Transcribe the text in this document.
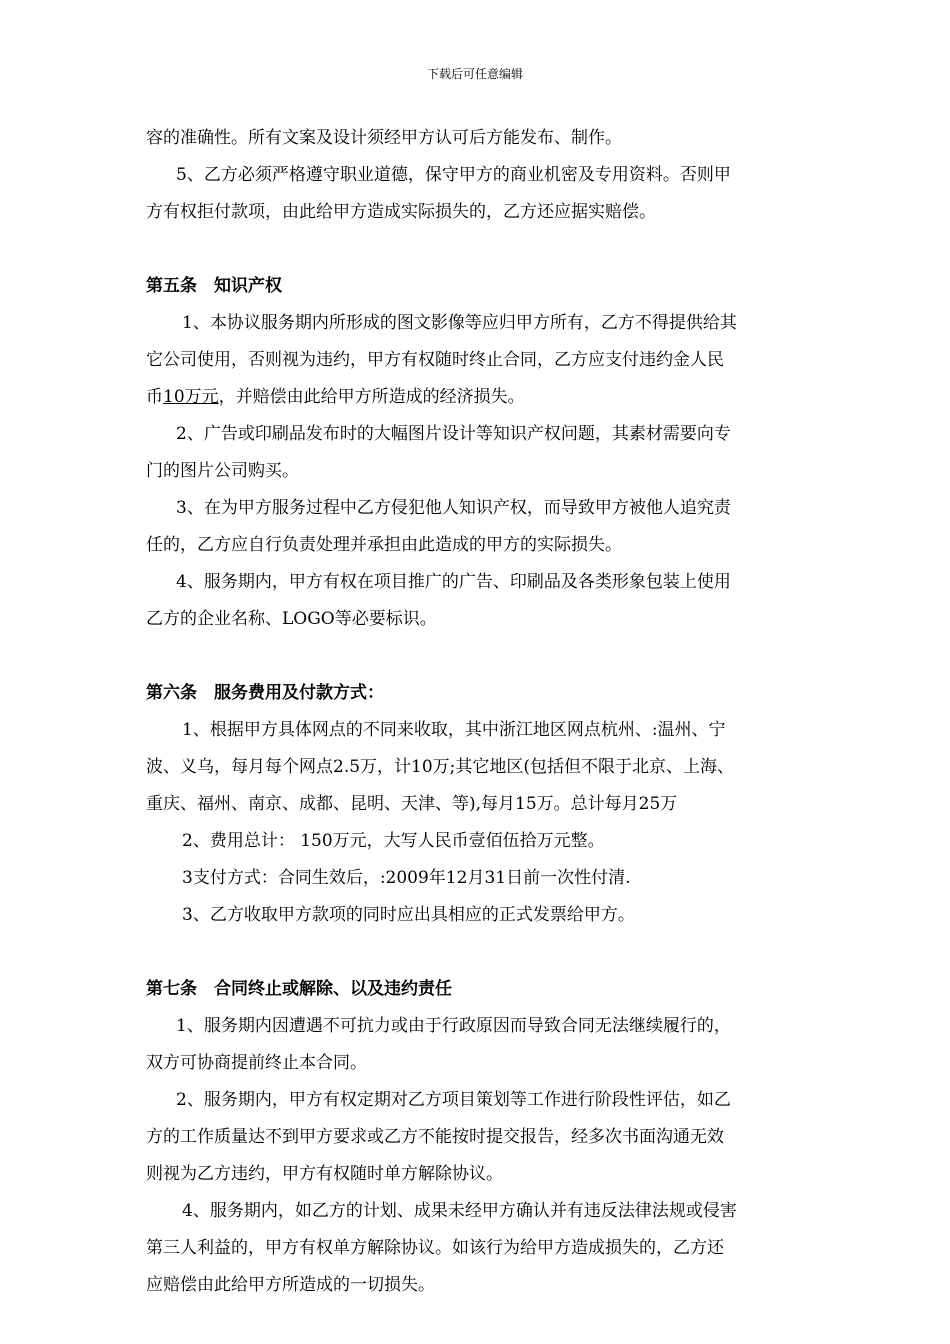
下载后可任意编辑

容的准确性。所有文案及设计须经甲方认可后方能发布、制作。

5、乙方必须严格遵守职业道德，保守甲方的商业机密及专用资料。否则甲

方有权拒付款项，由此给甲方造成实际损失的，乙方还应据实赔偿。

第五条　知识产权

1、本协议服务期内所形成的图文影像等应归甲方所有，乙方不得提供给其

它公司使用，否则视为违约，甲方有权随时终止合同，乙方应支付违约金人民

币10万元，并赔偿由此给甲方所造成的经济损失。

2、广告或印刷品发布时的大幅图片设计等知识产权问题，其素材需要向专

门的图片公司购买。

3、在为甲方服务过程中乙方侵犯他人知识产权，而导致甲方被他人追究责

任的，乙方应自行负责处理并承担由此造成的甲方的实际损失。

4、服务期内，甲方有权在项目推广的广告、印刷品及各类形象包装上使用

乙方的企业名称、LOGO等必要标识。

第六条　服务费用及付款方式：

1、根据甲方具体网点的不同来收取，其中浙江地区网点杭州、:温州、宁

波、义乌，每月每个网点2.5万，计10万;其它地区(包括但不限于北京、上海、

重庆、福州、南京、成都、昆明、天津、等),每月15万。总计每月25万

2、费用总计： 150万元，大写人民币壹佰伍拾万元整。

3支付方式：合同生效后，:2009年12月31日前一次性付清.

3、乙方收取甲方款项的同时应出具相应的正式发票给甲方。

第七条　合同终止或解除、以及违约责任

1、服务期内因遭遇不可抗力或由于行政原因而导致合同无法继续履行的，

双方可协商提前终止本合同。

2、服务期内，甲方有权定期对乙方项目策划等工作进行阶段性评估，如乙

方的工作质量达不到甲方要求或乙方不能按时提交报告，经多次书面沟通无效

则视为乙方违约，甲方有权随时单方解除协议。

4、服务期内，如乙方的计划、成果未经甲方确认并有违反法律法规或侵害

第三人利益的，甲方有权单方解除协议。如该行为给甲方造成损失的，乙方还

应赔偿由此给甲方所造成的一切损失。
